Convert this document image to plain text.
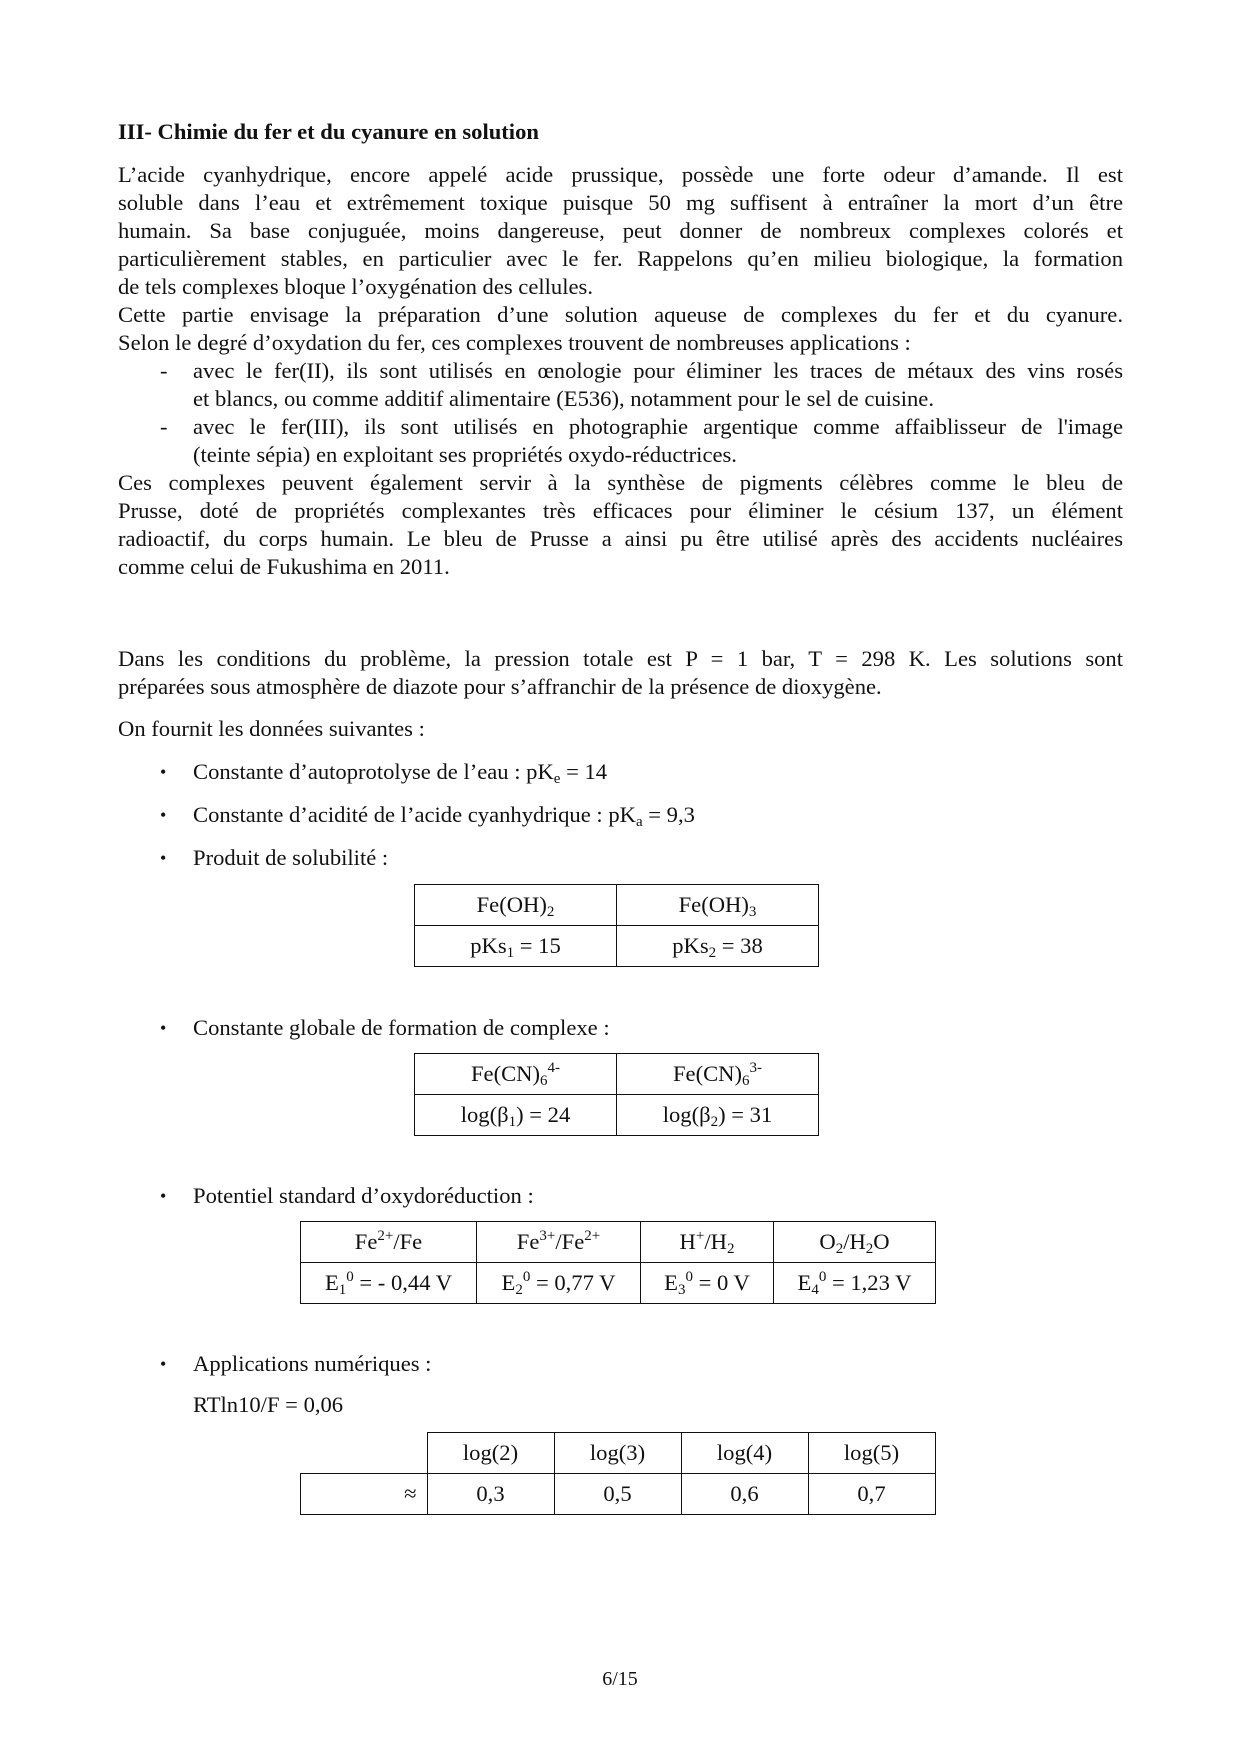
III- Chimie du fer et du cyanure en solution
L’acide cyanhydrique, encore appelé acide prussique, possède une forte odeur d’amande. Il est
soluble dans l’eau et extrêmement toxique puisque 50 mg suffisent à entraîner la mort d’un être
humain. Sa base conjuguée, moins dangereuse, peut donner de nombreux complexes colorés et
particulièrement stables, en particulier avec le fer. Rappelons qu’en milieu biologique, la formation
de tels complexes bloque l’oxygénation des cellules.
Cette partie envisage la préparation d’une solution aqueuse de complexes du fer et du cyanure.
Selon le degré d’oxydation du fer, ces complexes trouvent de nombreuses applications :
- avec le fer(II), ils sont utilisés en œnologie pour éliminer les traces de métaux des vins rosés
et blancs, ou comme additif alimentaire (E536), notamment pour le sel de cuisine.
- avec le fer(III), ils sont utilisés en photographie argentique comme affaiblisseur de l'image
(teinte sépia) en exploitant ses propriétés oxydo-réductrices.
Ces complexes peuvent également servir à la synthèse de pigments célèbres comme le bleu de
Prusse, doté de propriétés complexantes très efficaces pour éliminer le césium 137, un élément
radioactif, du corps humain. Le bleu de Prusse a ainsi pu être utilisé après des accidents nucléaires
comme celui de Fukushima en 2011.
Dans les conditions du problème, la pression totale est P = 1 bar, T = 298 K. Les solutions sont
préparées sous atmosphère de diazote pour s’affranchir de la présence de dioxygène.
On fournit les données suivantes :
• Constante d’autoprotolyse de l’eau : $pK_e = 14$
• Constante d’acidité de l’acide cyanhydrique : $pK_a = 9,3$
• Produit de solubilité :
$Fe(OH)_2$	$Fe(OH)_3$
pKs$_1$ = 15	pKs$_2$ = 38
• Constante globale de formation de complexe :
$Fe(CN)_6^{4-}$	$Fe(CN)_6^{3-}$
$\log(\beta_1) = 24$	$\log(\beta_2) = 31$
• Potentiel standard d’oxydoréduction :
$Fe^{2+}/Fe$	$Fe^{3+}/Fe^{2+}$	$H^+/H_2$	$O_2/H_2O$
$E_1^0$ = - 0,44 V	$E_2^0 = 0,77$ V	$E_3^0 = 0$ V	$E_4^0 = 1,23$ V
• Applications numériques :
RTln10/F = 0,06
	log(2)	log(3)	log(4)	log(5)
≈	0,3	0,5	0,6	0,7
6/15
